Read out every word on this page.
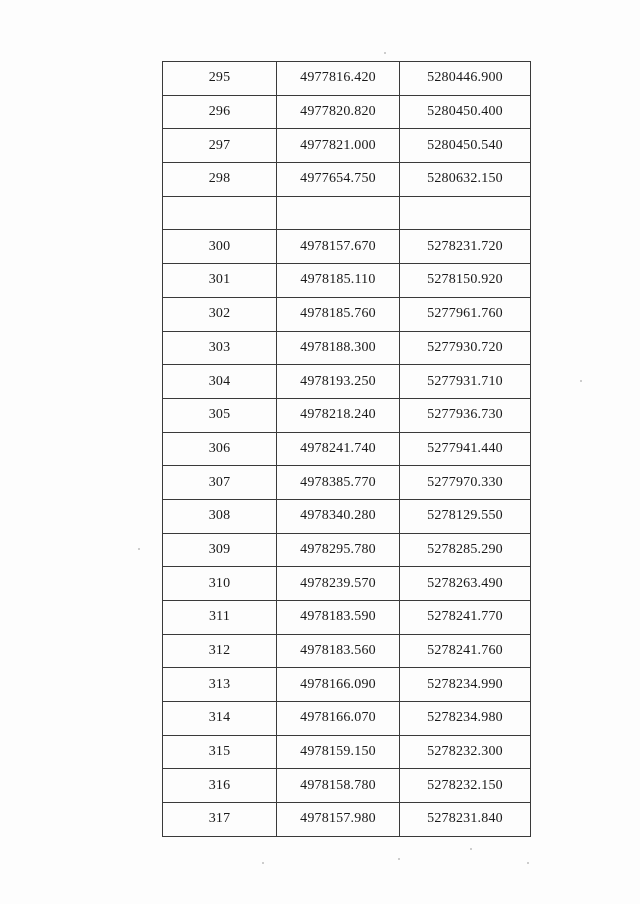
295	4977816.420	5280446.900
296	4977820.820	5280450.400
297	4977821.000	5280450.540
298	4977654.750	5280632.150

300	4978157.670	5278231.720
301	4978185.110	5278150.920
302	4978185.760	5277961.760
303	4978188.300	5277930.720
304	4978193.250	5277931.710
305	4978218.240	5277936.730
306	4978241.740	5277941.440
307	4978385.770	5277970.330
308	4978340.280	5278129.550
309	4978295.780	5278285.290
310	4978239.570	5278263.490
311	4978183.590	5278241.770
312	4978183.560	5278241.760
313	4978166.090	5278234.990
314	4978166.070	5278234.980
315	4978159.150	5278232.300
316	4978158.780	5278232.150
317	4978157.980	5278231.840
